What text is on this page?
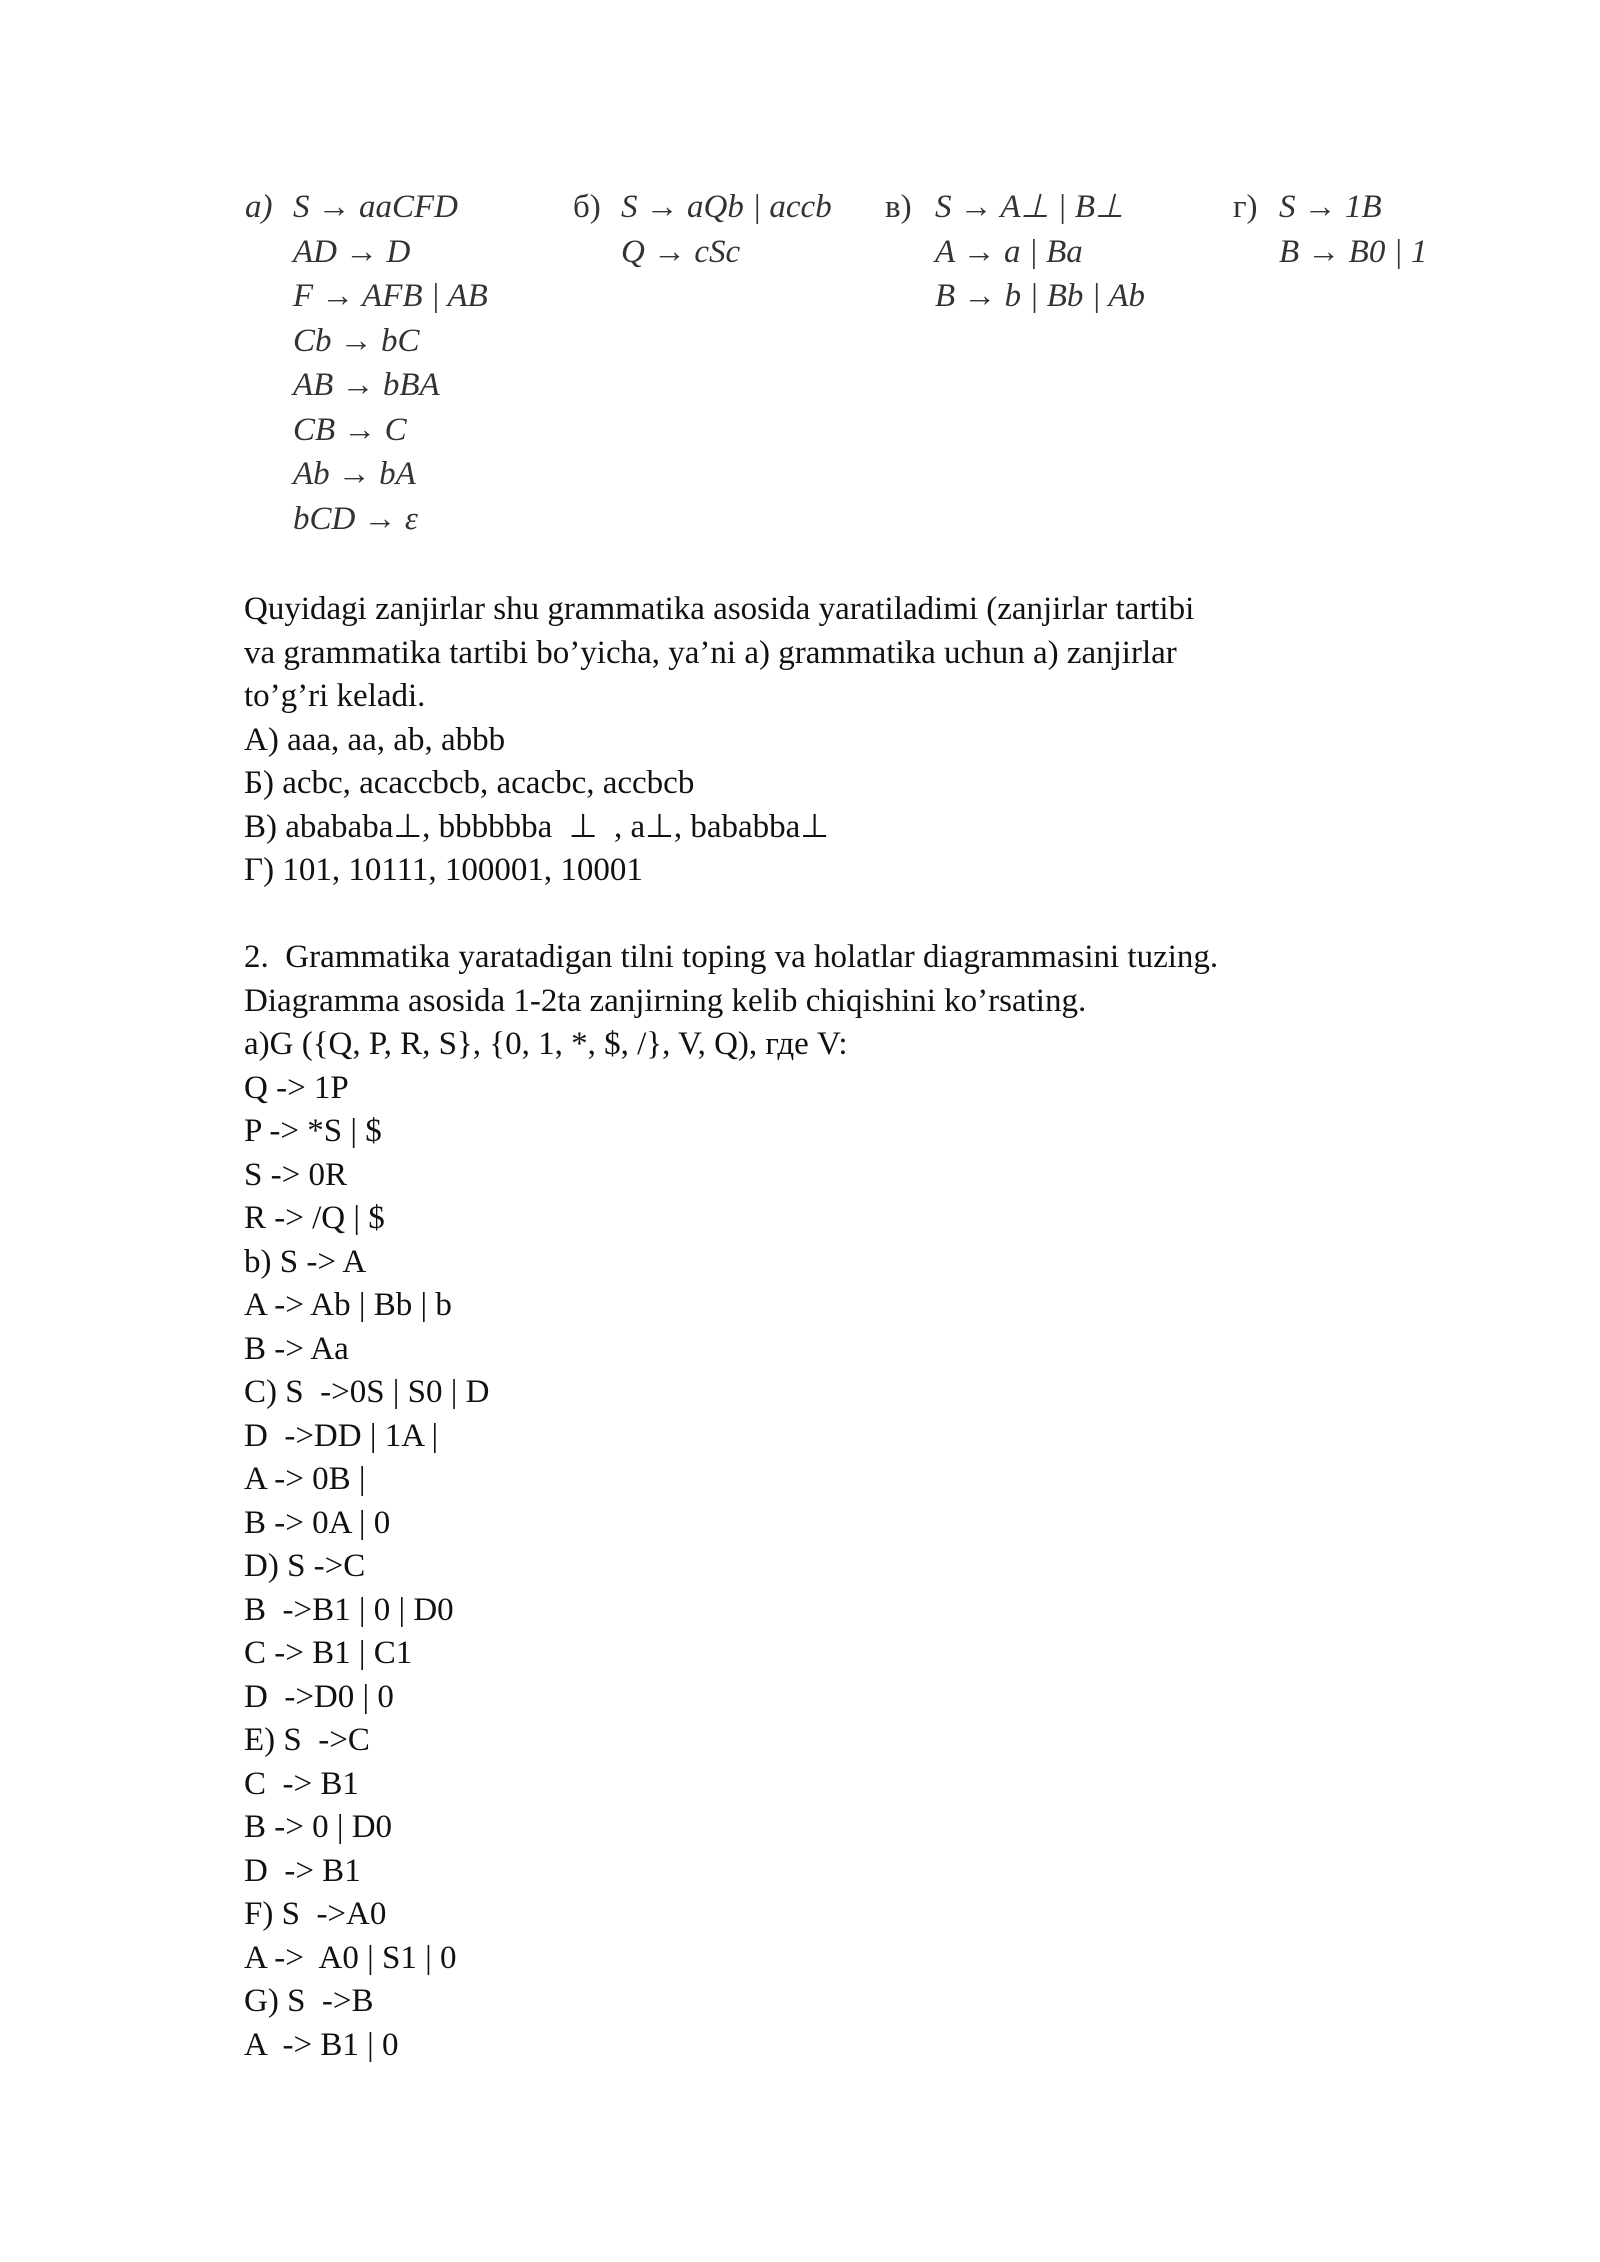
а) S → aaCFD
AD → D
F → AFB | AB
Cb → bC
AB → bBA
CB → C
Ab → bA
bCD → ε
б) S → aQb | accb
Q → cSc
в) S → A⊥ | B⊥
A → a | Ba
B → b | Bb | Ab
г) S → 1B
B → B0 | 1
Quyidagi zanjirlar shu grammatika asosida yaratiladimi (zanjirlar tartibi
va grammatika tartibi bo’yicha, ya’ni a) grammatika uchun a) zanjirlar
to’g’ri keladi.
А) aaa, aa, ab, abbb
Б) acbc, acaccbcb, acacbc, accbcb
В) abababa⊥, bbbbbba  ⊥  , a⊥, bababba⊥
Г) 101, 10111, 100001, 10001
2.  Grammatika yaratadigan tilni toping va holatlar diagrammasini tuzing.
Diagramma asosida 1-2ta zanjirning kelib chiqishini ko’rsating.
a)G ({Q, P, R, S}, {0, 1, *, $, /}, V, Q), где V:
Q -> 1P
P -> *S | $
S -> 0R
R -> /Q | $
b) S -> A
A -> Ab | Bb | b
B -> Aa
C) S  ->0S | S0 | D
D  ->DD | 1A |
A -> 0B |
B -> 0A | 0
D) S ->C
B  ->B1 | 0 | D0
C -> B1 | C1
D  ->D0 | 0
E) S  ->C
C  -> B1
B -> 0 | D0
D  -> B1
F) S  ->A0
A ->  A0 | S1 | 0
G) S  ->B
A  -> B1 | 0
